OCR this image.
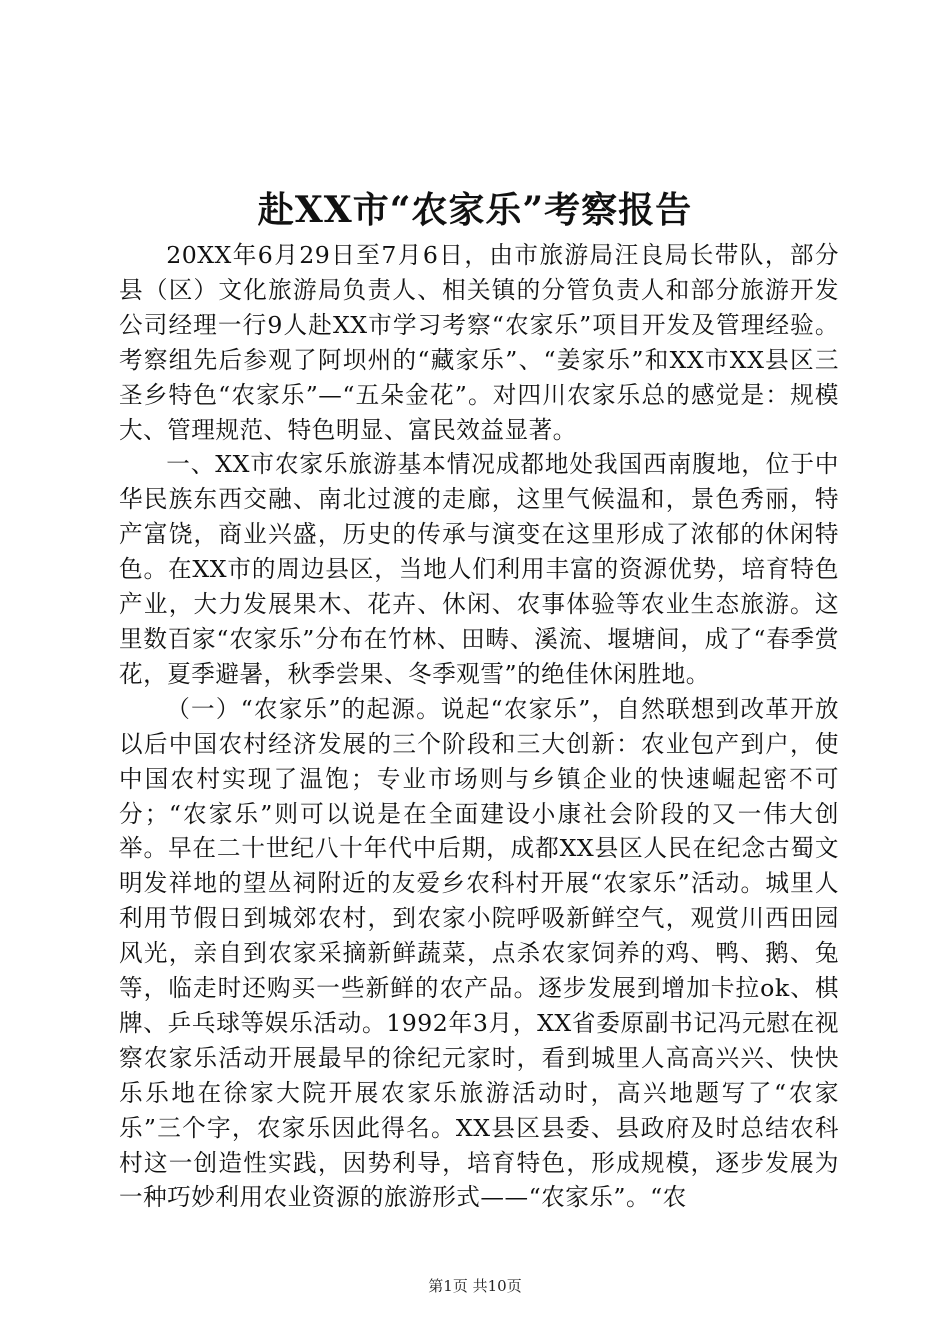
赴XX市“农家乐”考察报告

20XX年6月29日至7月6日，由市旅游局汪良局长带队，部分县（区）文化旅游局负责人、相关镇的分管负责人和部分旅游开发公司经理一行9人赴XX市学习考察“农家乐”项目开发及管理经验。考察组先后参观了阿坝州的“藏家乐”、“姜家乐”和XX市XX县区三圣乡特色“农家乐”—“五朵金花”。对四川农家乐总的感觉是：规模大、管理规范、特色明显、富民效益显著。

一、XX市农家乐旅游基本情况成都地处我国西南腹地，位于中华民族东西交融、南北过渡的走廊，这里气候温和，景色秀丽，特产富饶，商业兴盛，历史的传承与演变在这里形成了浓郁的休闲特色。在XX市的周边县区，当地人们利用丰富的资源优势，培育特色产业，大力发展果木、花卉、休闲、农事体验等农业生态旅游。这里数百家“农家乐”分布在竹林、田畴、溪流、堰塘间，成了“春季赏花，夏季避暑，秋季尝果、冬季观雪”的绝佳休闲胜地。

（一）“农家乐”的起源。说起“农家乐”，自然联想到改革开放以后中国农村经济发展的三个阶段和三大创新：农业包产到户，使中国农村实现了温饱；专业市场则与乡镇企业的快速崛起密不可分；“农家乐”则可以说是在全面建设小康社会阶段的又一伟大创举。早在二十世纪八十年代中后期，成都XX县区人民在纪念古蜀文明发祥地的望丛祠附近的友爱乡农科村开展“农家乐”活动。城里人利用节假日到城郊农村，到农家小院呼吸新鲜空气，观赏川西田园风光，亲自到农家采摘新鲜蔬菜，点杀农家饲养的鸡、鸭、鹅、兔等，临走时还购买一些新鲜的农产品。逐步发展到增加卡拉ok、棋牌、乒乓球等娱乐活动。1992年3月，XX省委原副书记冯元慰在视察农家乐活动开展最早的徐纪元家时，看到城里人高高兴兴、快快乐乐地在徐家大院开展农家乐旅游活动时，高兴地题写了“农家乐”三个字，农家乐因此得名。XX县区县委、县政府及时总结农科村这一创造性实践，因势利导，培育特色，形成规模，逐步发展为一种巧妙利用农业资源的旅游形式——“农家乐”。“农

第1页 共10页
